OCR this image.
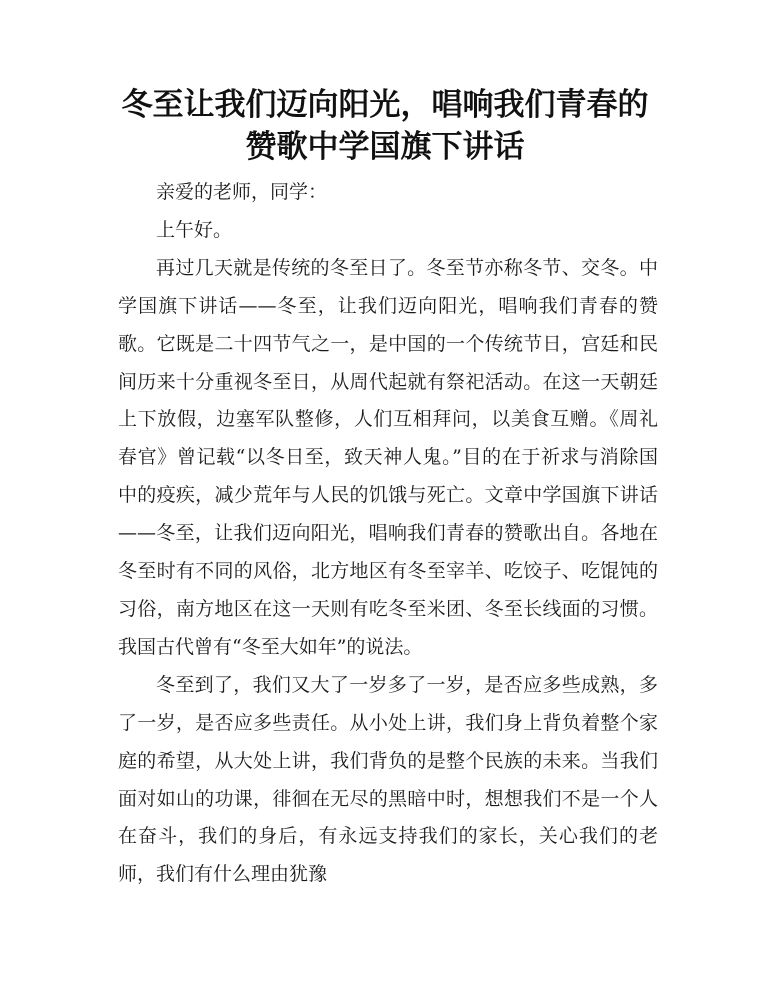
冬至让我们迈向阳光，唱响我们青春的
赞歌中学国旗下讲话

亲爱的老师，同学：

上午好。

再过几天就是传统的冬至日了。冬至节亦称冬节、交冬。中学国旗下讲话——冬至，让我们迈向阳光，唱响我们青春的赞歌。它既是二十四节气之一，是中国的一个传统节日，宫廷和民间历来十分重视冬至日，从周代起就有祭祀活动。在这一天朝廷上下放假，边塞军队整修，人们互相拜问，以美食互赠。《周礼春官》曾记载“以冬日至，致天神人鬼。”目的在于祈求与消除国中的疫疾，减少荒年与人民的饥饿与死亡。文章中学国旗下讲话——冬至，让我们迈向阳光，唱响我们青春的赞歌出自。各地在冬至时有不同的风俗，北方地区有冬至宰羊、吃饺子、吃馄饨的习俗，南方地区在这一天则有吃冬至米团、冬至长线面的习惯。我国古代曾有“冬至大如年”的说法。

冬至到了，我们又大了一岁多了一岁，是否应多些成熟，多了一岁，是否应多些责任。从小处上讲，我们身上背负着整个家庭的希望，从大处上讲，我们背负的是整个民族的未来。当我们面对如山的功课，徘徊在无尽的黑暗中时，想想我们不是一个人在奋斗，我们的身后，有永远支持我们的家长，关心我们的老师，我们有什么理由犹豫
